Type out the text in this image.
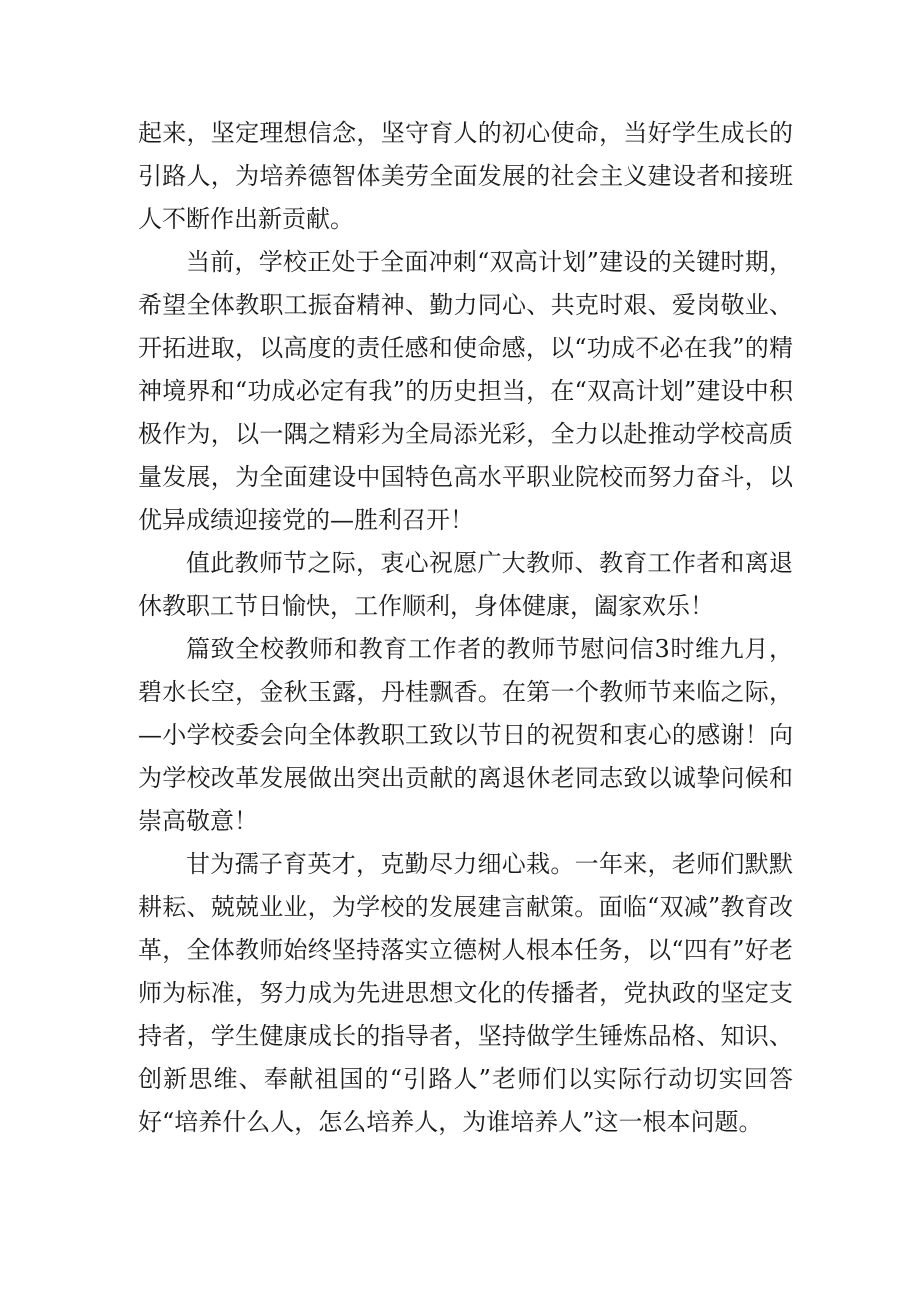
起来，坚定理想信念，坚守育人的初心使命，当好学生成长的引路人，为培养德智体美劳全面发展的社会主义建设者和接班人不断作出新贡献。

当前，学校正处于全面冲刺“双高计划”建设的关键时期，希望全体教职工振奋精神、勤力同心、共克时艰、爱岗敬业、开拓进取，以高度的责任感和使命感，以“功成不必在我”的精神境界和“功成必定有我”的历史担当，在“双高计划”建设中积极作为，以一隅之精彩为全局添光彩，全力以赴推动学校高质量发展，为全面建设中国特色高水平职业院校而努力奋斗，以优异成绩迎接党的—胜利召开！

值此教师节之际，衷心祝愿广大教师、教育工作者和离退休教职工节日愉快，工作顺利，身体健康，阖家欢乐！

篇致全校教师和教育工作者的教师节慰问信3时维九月，碧水长空，金秋玉露，丹桂飘香。在第一个教师节来临之际，—小学校委会向全体教职工致以节日的祝贺和衷心的感谢！向为学校改革发展做出突出贡献的离退休老同志致以诚挚问候和崇高敬意！

甘为孺子育英才，克勤尽力细心栽。一年来，老师们默默耕耘、兢兢业业，为学校的发展建言献策。面临“双减”教育改革，全体教师始终坚持落实立德树人根本任务，以“四有”好老师为标准，努力成为先进思想文化的传播者，党执政的坚定支持者，学生健康成长的指导者，坚持做学生锤炼品格、知识、创新思维、奉献祖国的“引路人”老师们以实际行动切实回答好“培养什么人，怎么培养人，为谁培养人”这一根本问题。
